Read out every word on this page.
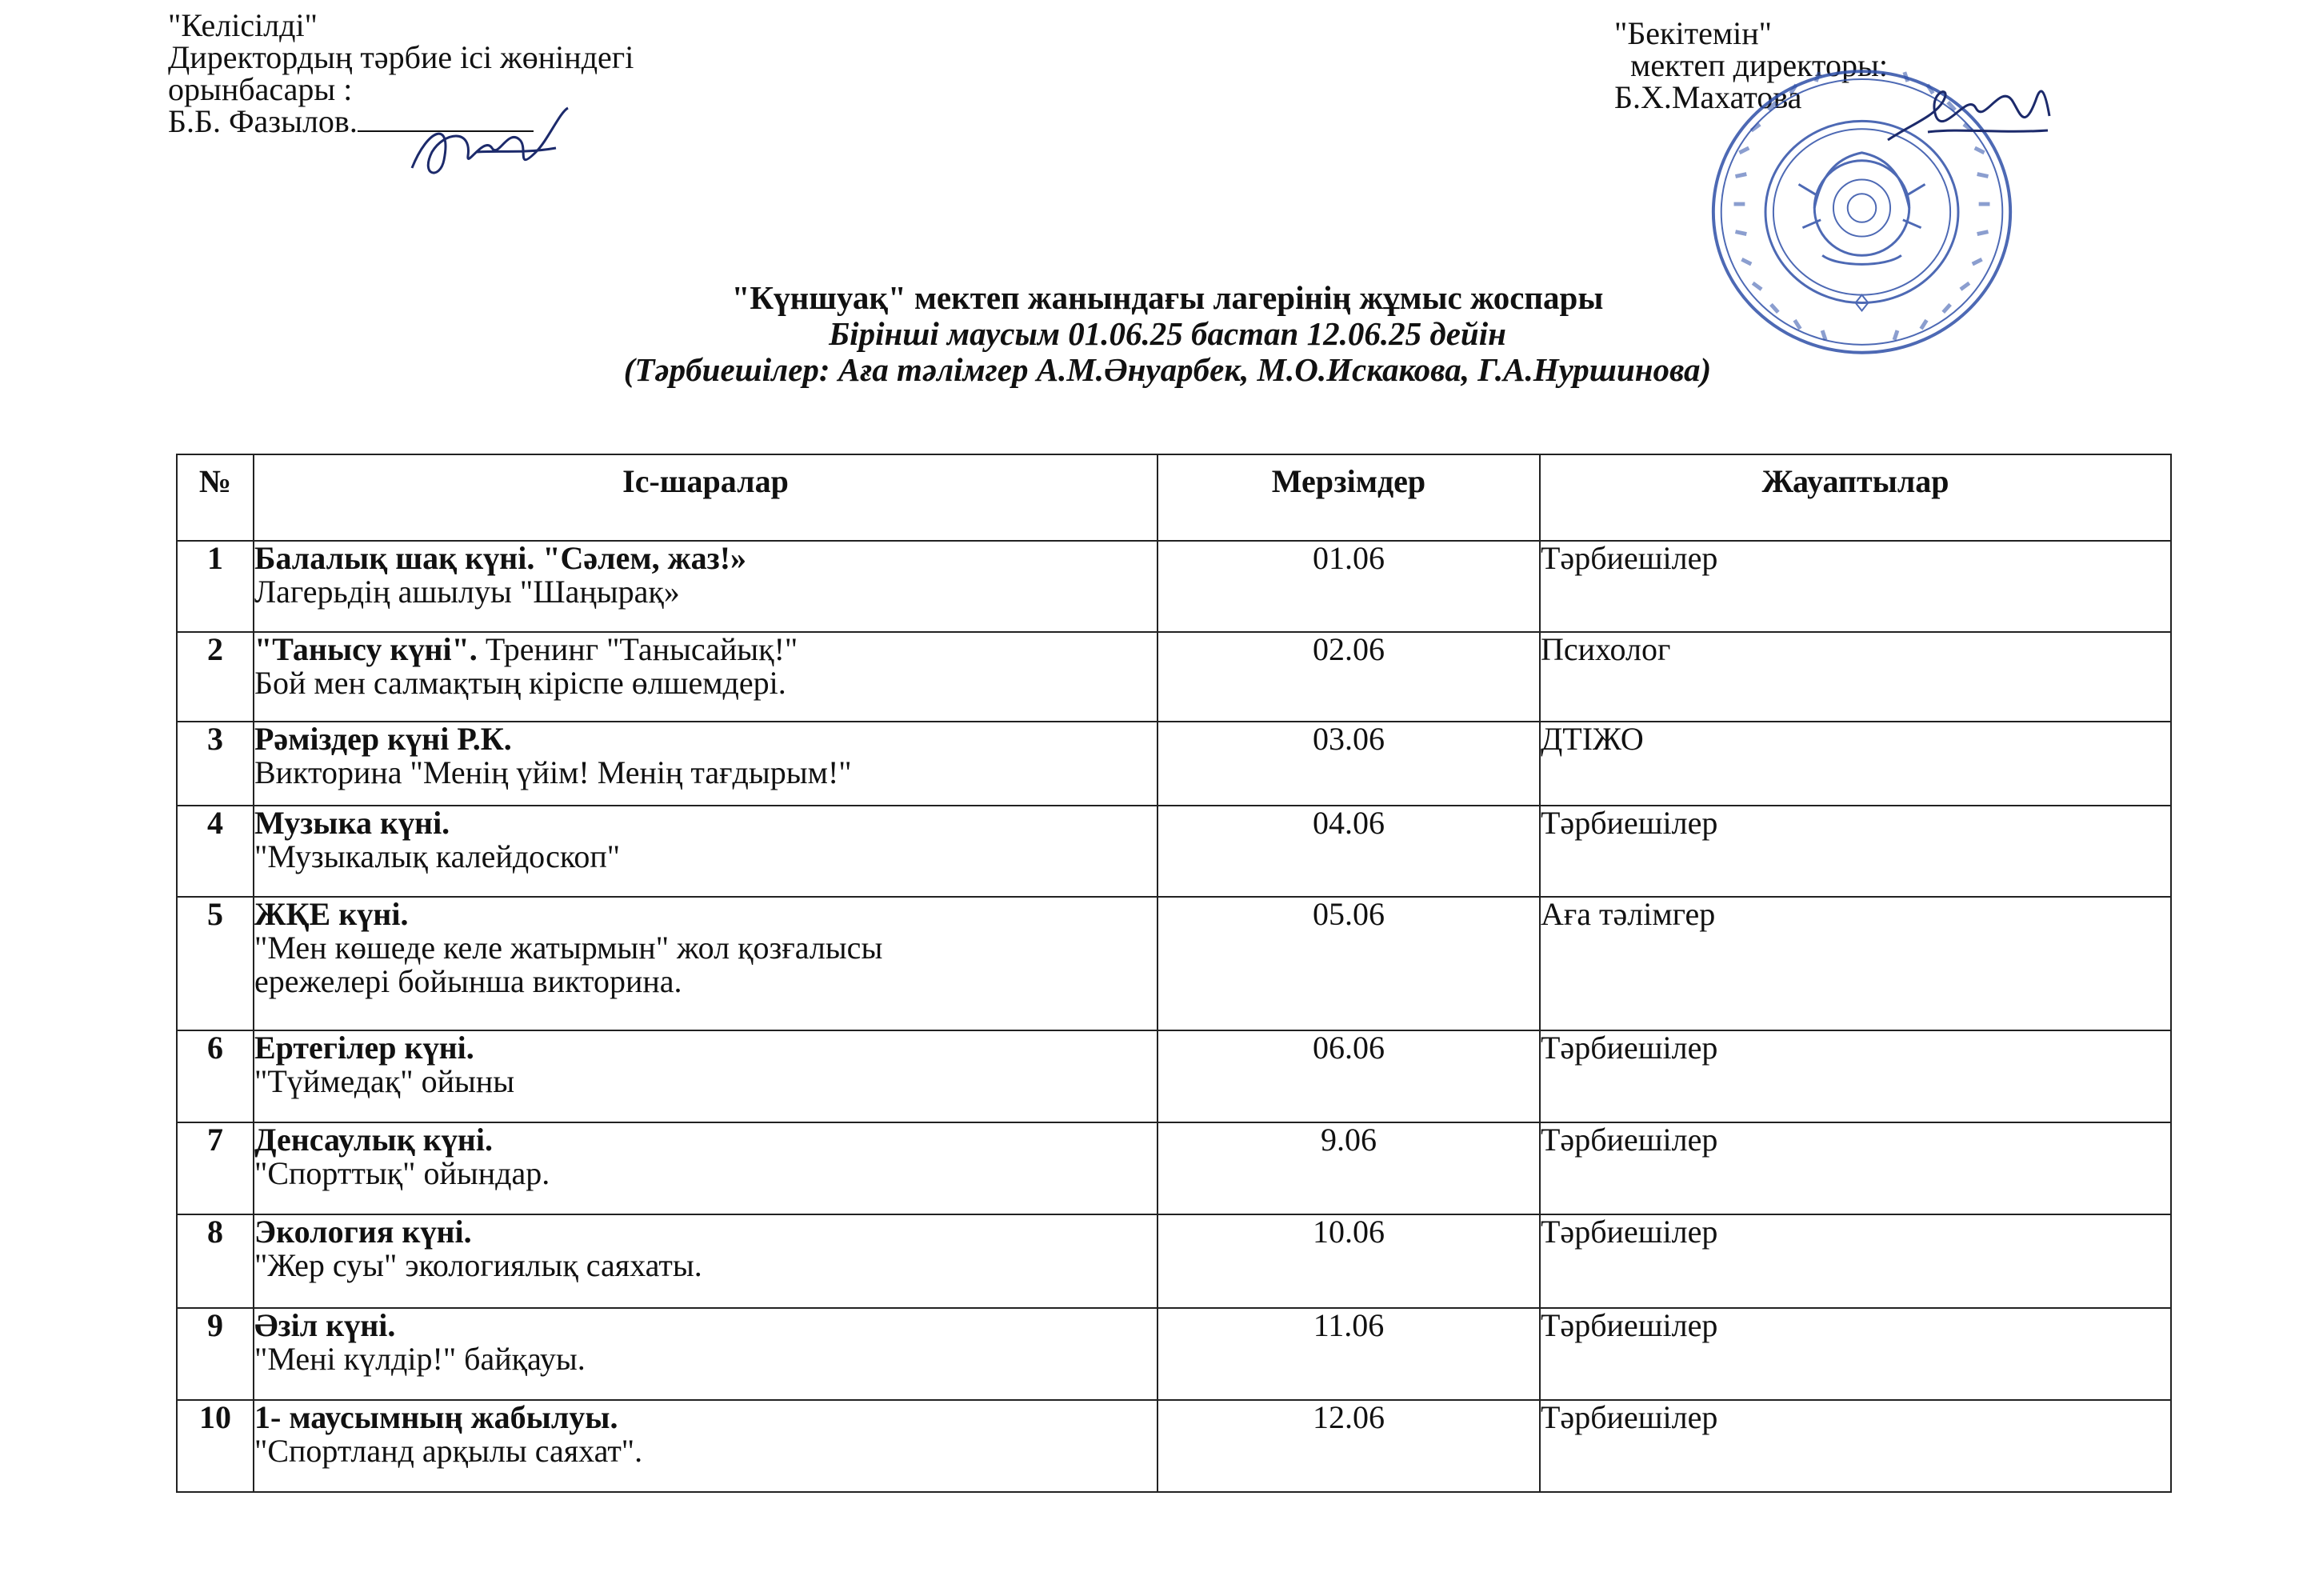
"Келісілді"
Директордың тәрбие ісі жөніндегі
орынбасары :
Б.Б. Фазылов.
"Бекітемін"
мектеп директоры:
Б.Х.Махатова
"Күншуақ" мектеп жанындағы лагерінің жұмыс жоспары
Бірінші маусым 01.06.25 бастап 12.06.25 дейін
(Тәрбиешілер: Аға тәлімгер А.М.Әнуарбек, М.О.Искакова, Г.А.Нуршинова)
№	Іс-шаралар	Мерзімдер	Жауаптылар
1	Балалық шақ күні. "Сәлем, жаз!»
Лагерьдің ашылуы "Шаңырақ»	01.06	Тәрбиешілер
2	"Танысу күні". Тренинг "Танысайық!"
Бой мен салмақтың кіріспе өлшемдері.	02.06	Психолог
3	Рәміздер күні Р.К.
Викторина "Менің үйім! Менің тағдырым!"	03.06	ДТІЖО
4	Музыка күні.
"Музыкалық калейдоскоп"	04.06	Тәрбиешілер
5	ЖҚЕ күні.
"Мен көшеде келе жатырмын" жол қозғалысы
ережелері бойынша викторина.	05.06	Аға тәлімгер
6	Ертегілер күні.
"Түймедақ" ойыны	06.06	Тәрбиешілер
7	Денсаулық күні.
"Спорттық" ойындар.	9.06	Тәрбиешілер
8	Экология күні.
"Жер суы" экологиялық саяхаты.	10.06	Тәрбиешілер
9	Әзіл күні.
"Мені күлдір!" байқауы.	11.06	Тәрбиешілер
10	1- маусымның жабылуы.
"Спортланд арқылы саяхат".	12.06	Тәрбиешілер
